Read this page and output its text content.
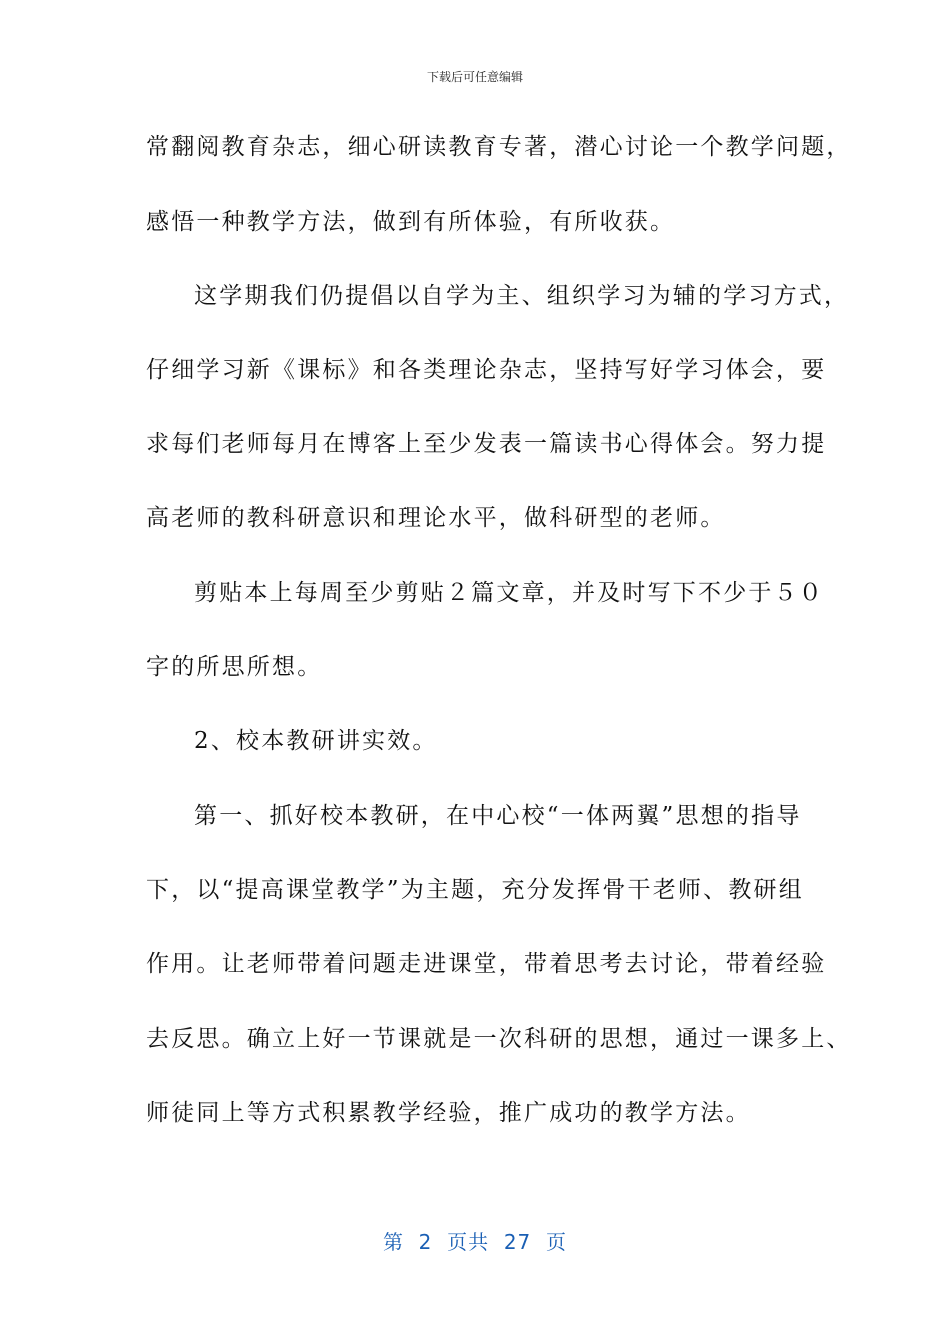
下载后可任意编辑
常翻阅教育杂志，细心研读教育专著，潜心讨论一个教学问题，
感悟一种教学方法，做到有所体验，有所收获。
这学期我们仍提倡以自学为主、组织学习为辅的学习方式，
仔细学习新《课标》和各类理论杂志，坚持写好学习体会，要
求每们老师每月在博客上至少发表一篇读书心得体会。努力提
高老师的教科研意识和理论水平，做科研型的老师。
剪贴本上每周至少剪贴２篇文章，并及时写下不少于５０
字的所思所想。
2、校本教研讲实效。
第一、抓好校本教研，在中心校“一体两翼”思想的指导
下，以“提高课堂教学”为主题，充分发挥骨干老师、教研组
作用。让老师带着问题走进课堂，带着思考去讨论，带着经验
去反思。确立上好一节课就是一次科研的思想，通过一课多上、
师徒同上等方式积累教学经验，推广成功的教学方法。
第  2  页共  27  页
